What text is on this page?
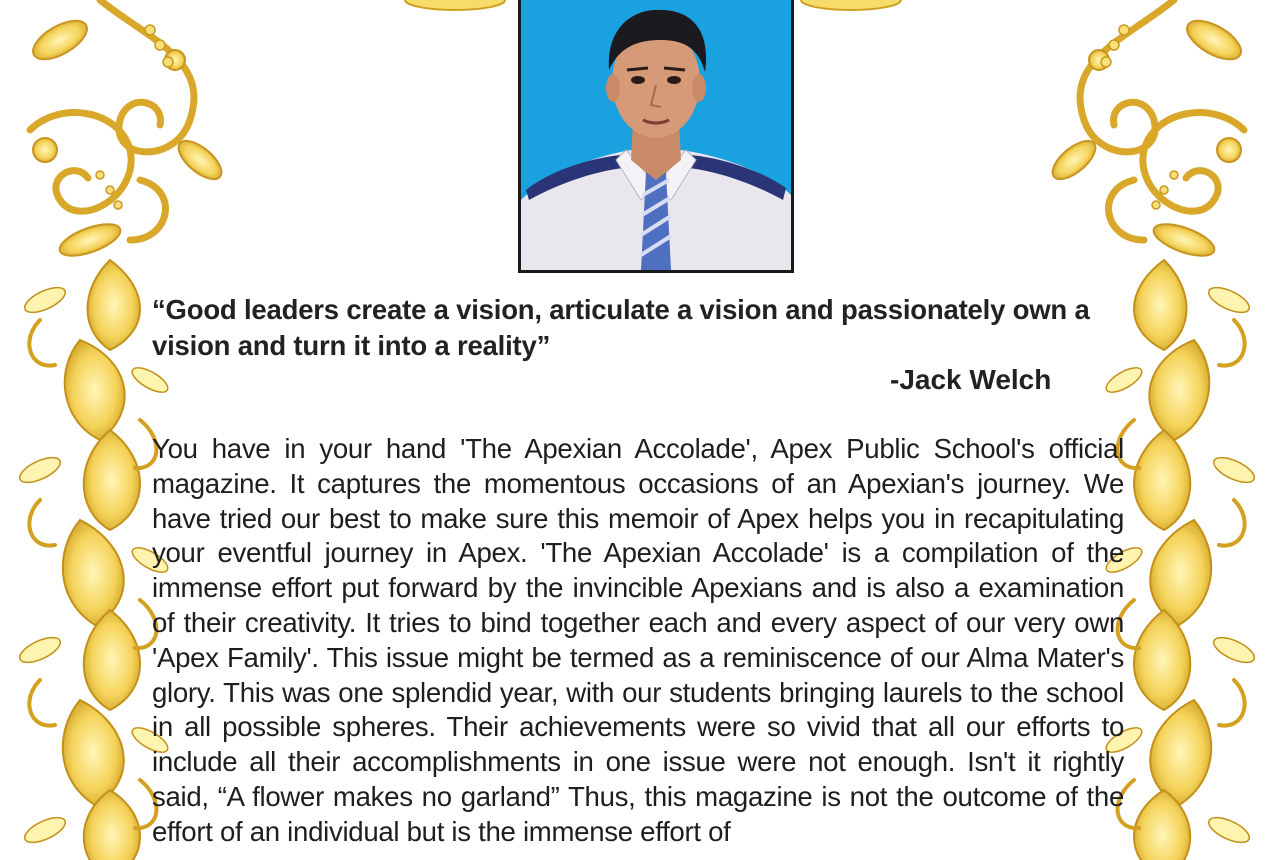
“Good leaders create a vision, articulate a vision and passionately own a vision and turn it into a reality”
-Jack Welch
You have in your hand 'The Apexian Accolade', Apex Public School's official magazine. It captures the momentous occasions of an Apexian's journey. We have tried our best to make sure this memoir of Apex helps you in recapitulating your eventful journey in Apex. 'The Apexian Accolade' is a compilation of the immense effort put forward by the invincible Apexians and is also a examination of their creativity. It tries to bind together each and every aspect of our very own 'Apex Family'. This issue might be termed as a reminiscence of our Alma Mater's glory. This was one splendid year, with our students bringing laurels to the school in all possible spheres. Their achievements were so vivid that all our efforts to include all their accomplishments in one issue were not enough. Isn't it rightly said, “A flower makes no garland” Thus, this magazine is not the outcome of the effort of an individual but is the immense effort of
